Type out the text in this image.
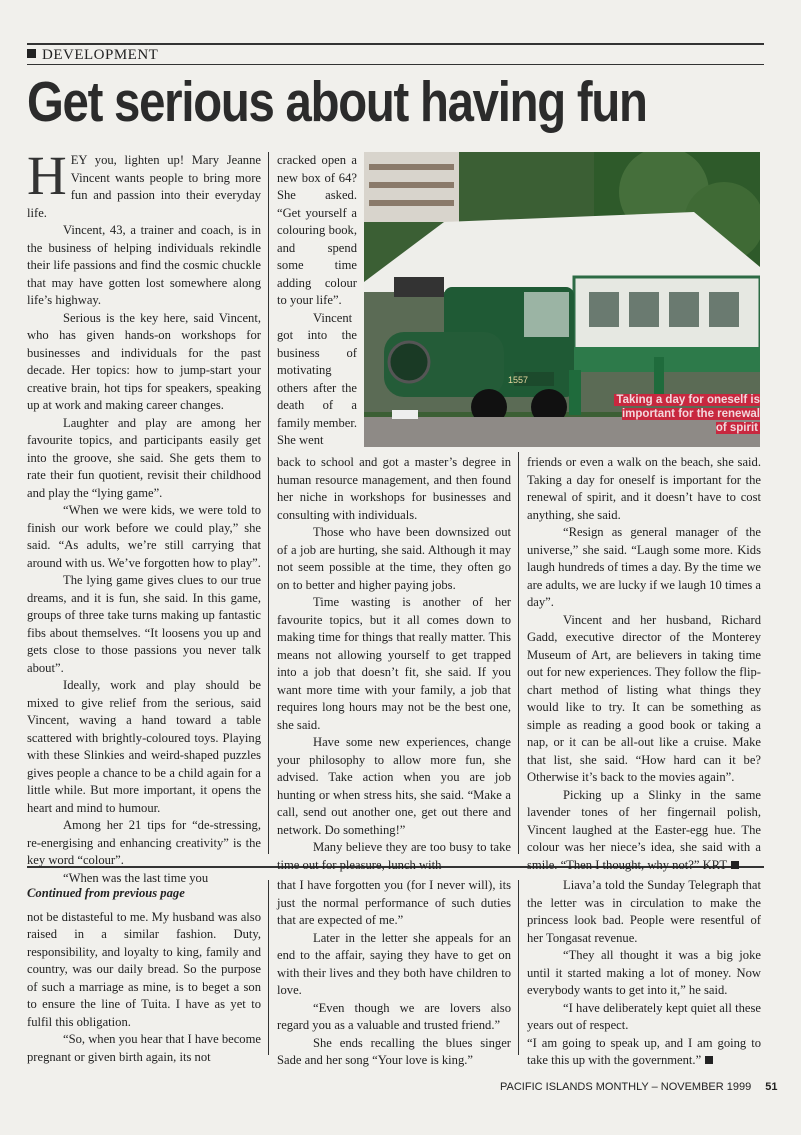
DEVELOPMENT
Get serious about having fun

HEY you, lighten up! Mary Jeanne Vincent wants people to bring more fun and passion into their everyday life.

Vincent, 43, a trainer and coach, is in the business of helping individuals rekindle their life passions and find the cosmic chuckle that may have gotten lost somewhere along life’s highway.

Serious is the key here, said Vincent, who has given hands-on workshops for businesses and individuals for the past decade. Her topics: how to jump-start your creative brain, hot tips for speakers, speaking up at work and making career changes.

Laughter and play are among her favourite topics, and participants easily get into the groove, she said. She gets them to rate their fun quotient, revisit their childhood and play the “lying game”.

“When we were kids, we were told to finish our work before we could play,” she said. “As adults, we’re still carrying that around with us. We’ve forgotten how to play”.

The lying game gives clues to our true dreams, and it is fun, she said. In this game, groups of three take turns making up fantastic fibs about themselves. “It loosens you up and gets close to those passions you never talk about”.

Ideally, work and play should be mixed to give relief from the serious, said Vincent, waving a hand toward a table scattered with brightly-coloured toys. Playing with these Slinkies and weird-shaped puzzles gives people a chance to be a child again for a little while. But more important, it opens the heart and mind to humour.

Among her 21 tips for “de-stressing, re-energising and enhancing creativity” is the key word “colour”.

“When was the last time you

cracked open a new box of 64? She asked. “Get yourself a colouring book, and spend some time adding colour to your life”.

Vincent got into the business of motivating others after the death of a family member. She went

back to school and got a master’s degree in human resource management, and then found her niche in workshops for businesses and consulting with individuals.

Those who have been downsized out of a job are hurting, she said. Although it may not seem possible at the time, they often go on to better and higher paying jobs.

Time wasting is another of her favourite topics, but it all comes down to making time for things that really matter. This means not allowing yourself to get trapped into a job that doesn’t fit, she said. If you want more time with your family, a job that requires long hours may not be the best one, she said.

Have some new experiences, change your philosophy to allow more fun, she advised. Take action when you are job hunting or when stress hits, she said. “Make a call, send out another one, get out there and network. Do something!”

Many believe they are too busy to take time out for pleasure, lunch with

friends or even a walk on the beach, she said. Taking a day for oneself is important for the renewal of spirit, and it doesn’t have to cost anything, she said.

“Resign as general manager of the universe,” she said. “Laugh some more. Kids laugh hundreds of times a day. By the time we are adults, we are lucky if we laugh 10 times a day”.

Vincent and her husband, Richard Gadd, executive director of the Monterey Museum of Art, are believers in taking time out for new experiences. They follow the flip-chart method of listing what things they would like to try. It can be something as simple as reading a good book or taking a nap, or it can be all-out like a cruise. Make that list, she said. “How hard can it be? Otherwise it’s back to the movies again”.

Picking up a Slinky in the same lavender tones of her fingernail polish, Vincent laughed at the Easter-egg hue. The colour was her niece’s idea, she said with a smile. “Then I thought, why not?” KRT

1557
Taking a day for oneself is important for the renewal of spirit

Continued from previous page

not be distasteful to me. My husband was also raised in a similar fashion. Duty, responsibility, and loyalty to king, family and country, was our daily bread. So the purpose of such a marriage as mine, is to beget a son to ensure the line of Tuita. I have as yet to fulfil this obligation.

“So, when you hear that I have become pregnant or given birth again, its not

that I have forgotten you (for I never will), its just the normal performance of such duties that are expected of me.”

Later in the letter she appeals for an end to the affair, saying they have to get on with their lives and they both have children to love.

“Even though we are lovers also regard you as a valuable and trusted friend.”

She ends recalling the blues singer Sade and her song “Your love is king.”

Liava’a told the Sunday Telegraph that the letter was in circulation to make the princess look bad. People were resentful of her Tongasat revenue.

“They all thought it was a big joke until it started making a lot of money. Now everybody wants to get into it,” he said.

“I have deliberately kept quiet all these years out of respect.

“I am going to speak up, and I am going to take this up with the government.”

PACIFIC ISLANDS MONTHLY – NOVEMBER 1999 51
